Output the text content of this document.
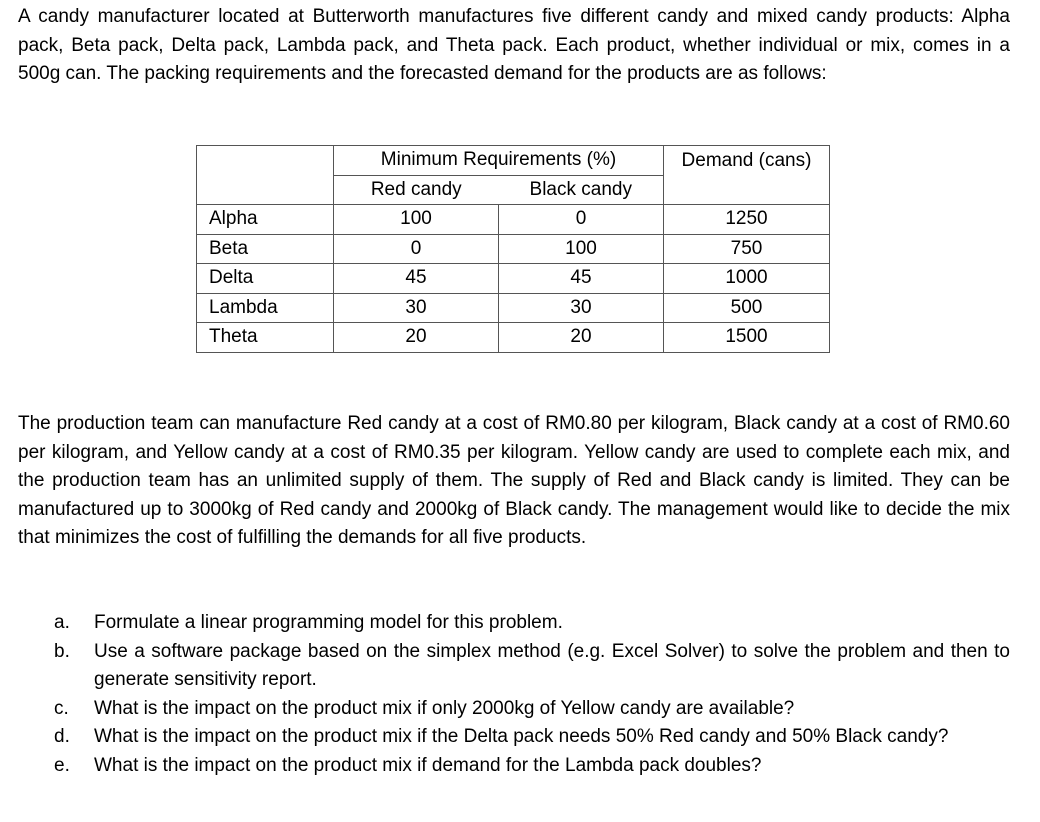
A candy manufacturer located at Butterworth manufactures five different candy and mixed candy products: Alpha pack, Beta pack, Delta pack, Lambda pack, and Theta pack. Each product, whether individual or mix, comes in a 500g can. The packing requirements and the forecasted demand for the products are as follows:

	Minimum Requirements (%)		Demand (cans)
	Red candy	Black candy	
Alpha	100	0	1250
Beta	0	100	750
Delta	45	45	1000
Lambda	30	30	500
Theta	20	20	1500

The production team can manufacture Red candy at a cost of RM0.80 per kilogram, Black candy at a cost of RM0.60 per kilogram, and Yellow candy at a cost of RM0.35 per kilogram. Yellow candy are used to complete each mix, and the production team has an unlimited supply of them. The supply of Red and Black candy is limited. They can be manufactured up to 3000kg of Red candy and 2000kg of Black candy. The management would like to decide the mix that minimizes the cost of fulfilling the demands for all five products.

a.	Formulate a linear programming model for this problem.
b.	Use a software package based on the simplex method (e.g. Excel Solver) to solve the problem and then to generate sensitivity report.
c.	What is the impact on the product mix if only 2000kg of Yellow candy are available?
d.	What is the impact on the product mix if the Delta pack needs 50% Red candy and 50% Black candy?
e.	What is the impact on the product mix if demand for the Lambda pack doubles?
